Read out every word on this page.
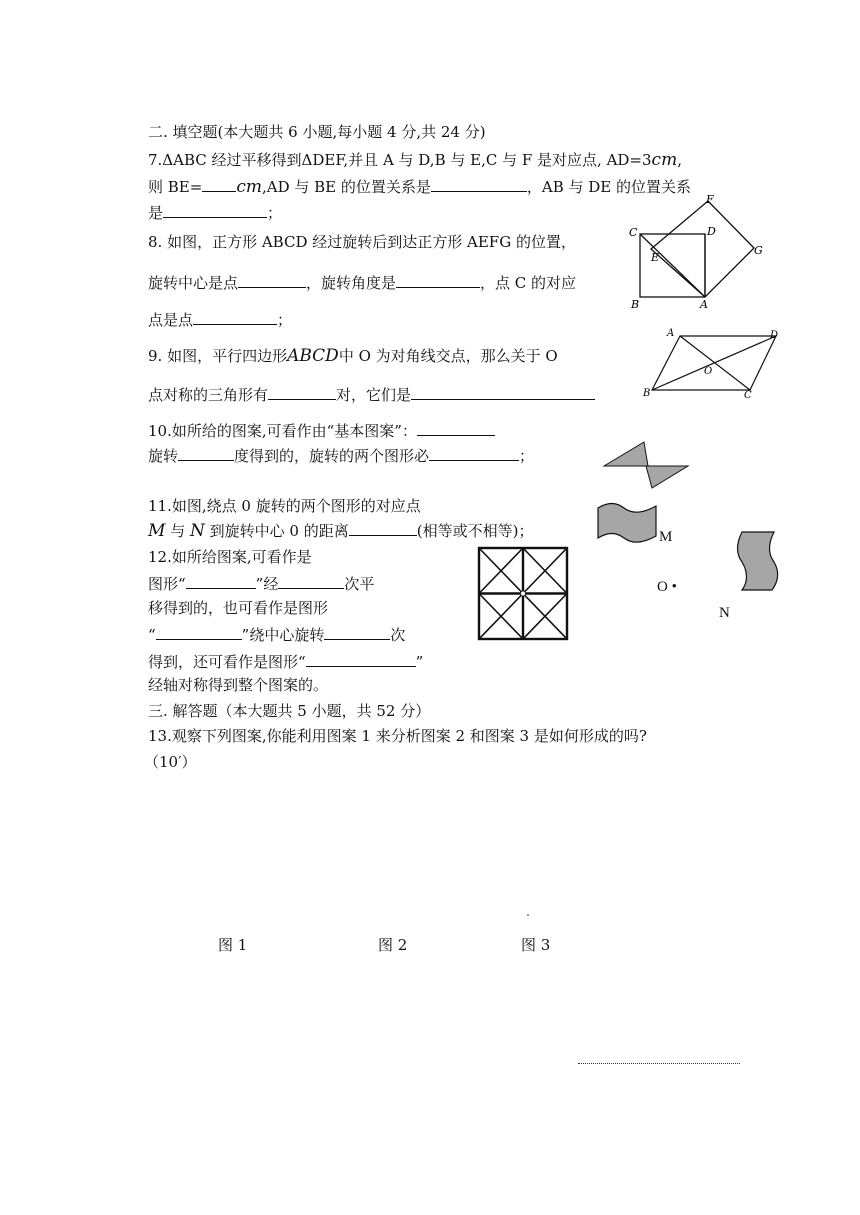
二. 填空题(本大题共 6 小题,每小题 4 分,共 24 分)
7.ΔABC 经过平移得到ΔDEF,并且 A 与 D,B 与 E,C 与 F 是对应点, AD=3cm,
则 BE= cm,AD 与 BE 的位置关系是	，AB 与 DE 的位置关系
是	；
8. 如图，正方形 ABCD 经过旋转后到达正方形 AEFG 的位置，
旋转中心是点	，旋转角度是	，点 C 的对应
点是点	；
C	D
F
E
G
B	A
9. 如图，平行四边形ABCD中 O 为对角线交点，那么关于 O
点对称的三角形有	对，它们是
A	D
O
B	C
10.如所给的图案,可看作由“基本图案”：
旋转	度得到的，旋转的两个图形必	；
11.如图,绕点 0 旋转的两个图形的对应点
M 与 N 到旋转中心 0 的距离	(相等或不相等)；	M
O •
N
12.如所给图案,可看作是
图形“	”经	次平
移得到的，也可看作是图形
“	”绕中心旋转	次
得到，还可看作是图形“	”
经轴对称得到整个图案的。
三. 解答题（本大题共 5 小题，共 52 分）
13.观察下列图案,你能利用图案 1 来分析图案 2 和图案 3 是如何形成的吗?
（10′）
图 1	图 2	图 3
